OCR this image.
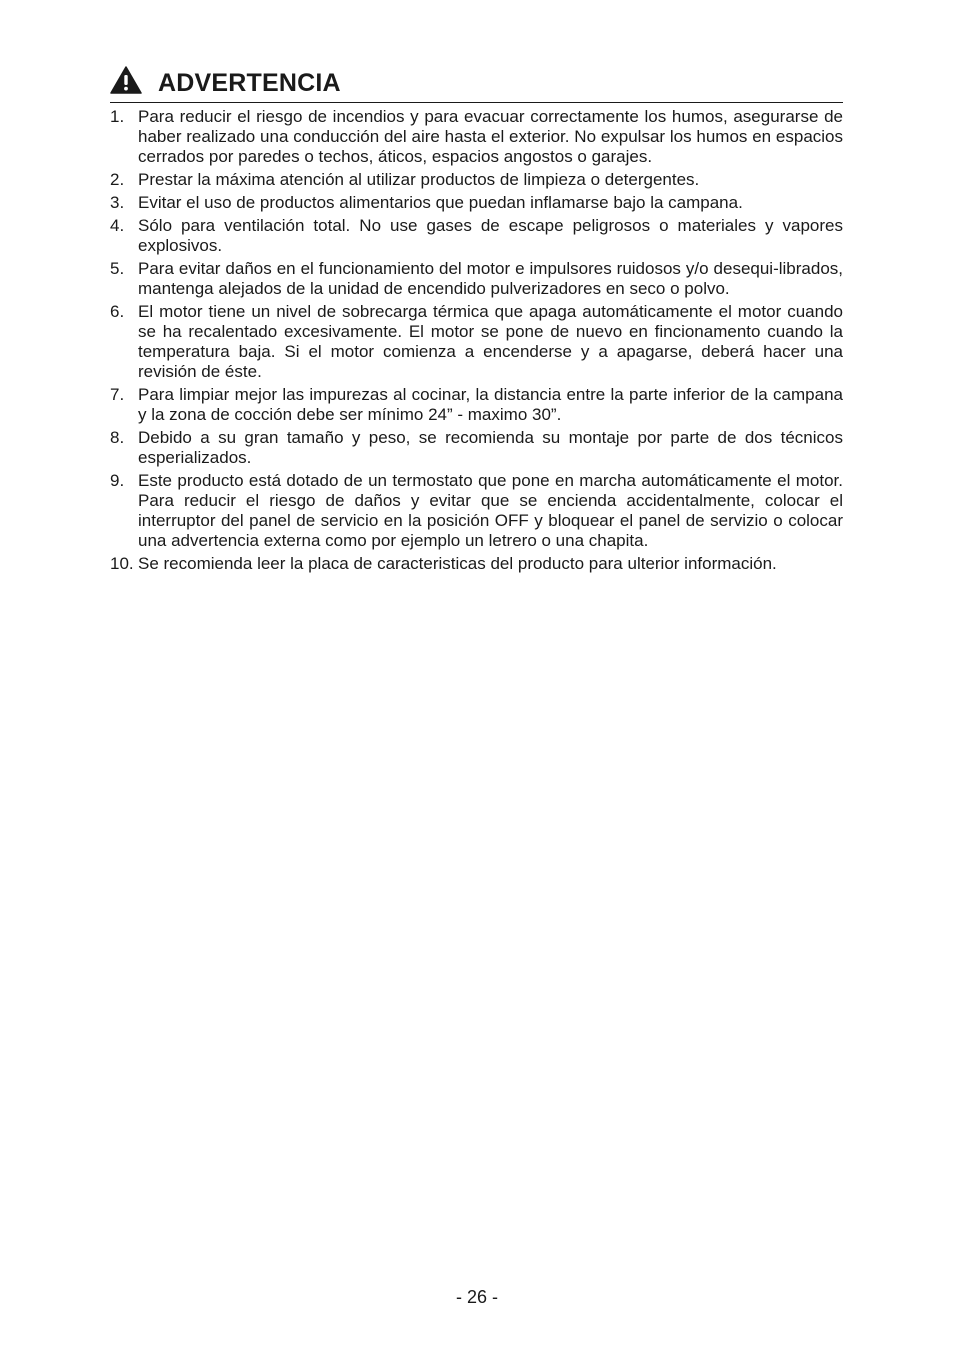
ADVERTENCIA
1. Para reducir el riesgo de incendios y para evacuar correctamente los humos, asegurarse de haber realizado una conducción del aire hasta el exterior. No expulsar los humos en espacios cerrados por paredes o techos, áticos, espacios angostos o garajes.
2. Prestar la máxima atención al utilizar productos de limpieza o detergentes.
3. Evitar el uso de productos alimentarios que puedan inflamarse bajo la campana.
4. Sólo para ventilación total. No use gases de escape peligrosos o materiales y vapores explosivos.
5. Para evitar daños en el funcionamiento del motor e impulsores ruidosos y/o desequi-librados, mantenga alejados de la unidad de encendido pulverizadores en seco o polvo.
6. El motor tiene un nivel de sobrecarga térmica que apaga automáticamente el motor cuando se ha recalentado excesivamente. El motor se pone de nuevo en fincionamento cuando la temperatura baja. Si el motor comienza a encenderse y a apagarse, deberá hacer una revisión de éste.
7. Para limpiar mejor las impurezas al cocinar, la distancia entre la parte inferior de la campana y la zona de cocción debe ser mínimo 24” - maximo 30”.
8. Debido a su gran tamaño y peso, se recomienda su montaje por parte de dos técnicos esperializados.
9. Este producto está dotado de un termostato que pone en marcha automáticamente el motor. Para reducir el riesgo de daños y evitar que se encienda accidentalmente, colocar el interruptor del panel de servicio en la posición OFF y bloquear el panel de servizio o colocar una advertencia externa como por ejemplo un letrero o una chapita.
10. Se recomienda leer la placa de caracteristicas del producto para ulterior información.
- 26 -
